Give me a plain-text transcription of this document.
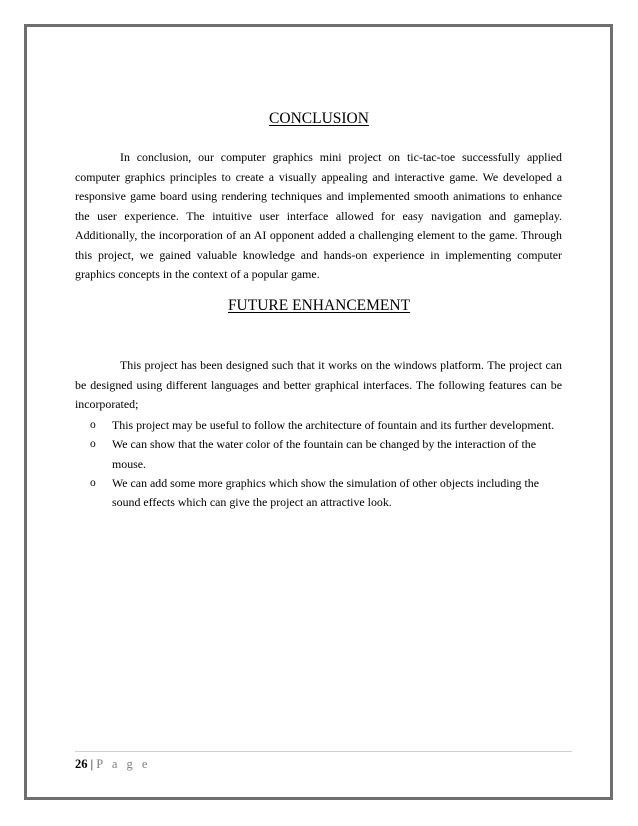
CONCLUSION

In conclusion, our computer graphics mini project on tic-tac-toe successfully applied computer graphics principles to create a visually appealing and interactive game. We developed a responsive game board using rendering techniques and implemented smooth animations to enhance the user experience. The intuitive user interface allowed for easy navigation and gameplay. Additionally, the incorporation of an AI opponent added a challenging element to the game. Through this project, we gained valuable knowledge and hands-on experience in implementing computer graphics concepts in the context of a popular game.

FUTURE ENHANCEMENT

This project has been designed such that it works on the windows platform. The project can be designed using different languages and better graphical interfaces. The following features can be incorporated;

o This project may be useful to follow the architecture of fountain and its further development.
o We can show that the water color of the fountain can be changed by the interaction of the mouse.
o We can add some more graphics which show the simulation of other objects including the sound effects which can give the project an attractive look.

26 | P a g e
